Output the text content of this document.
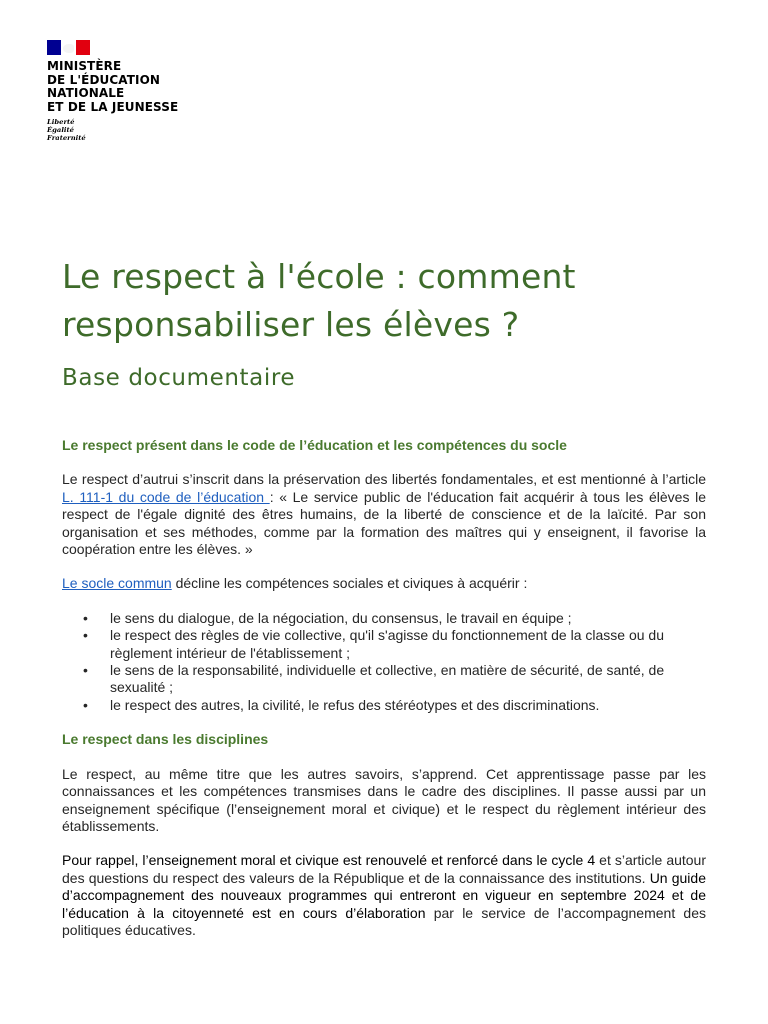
MINISTÈRE
DE L'ÉDUCATION
NATIONALE
ET DE LA JEUNESSE
Liberté
Égalité
Fraternité
Le respect à l'école : comment responsabiliser les élèves ?
Base documentaire

Le respect présent dans le code de l’éducation et les compétences du socle

Le respect d’autrui s’inscrit dans la préservation des libertés fondamentales, et est mentionné à l’article L. 111-1 du code de l’éducation : « Le service public de l'éducation fait acquérir à tous les élèves le respect de l'égale dignité des êtres humains, de la liberté de conscience et de la laïcité. Par son organisation et ses méthodes, comme par la formation des maîtres qui y enseignent, il favorise la coopération entre les élèves. »

Le socle commun décline les compétences sociales et civiques à acquérir :

• le sens du dialogue, de la négociation, du consensus, le travail en équipe ;
• le respect des règles de vie collective, qu'il s'agisse du fonctionnement de la classe ou du règlement intérieur de l'établissement ;
• le sens de la responsabilité, individuelle et collective, en matière de sécurité, de santé, de sexualité ;
• le respect des autres, la civilité, le refus des stéréotypes et des discriminations.

Le respect dans les disciplines

Le respect, au même titre que les autres savoirs, s’apprend. Cet apprentissage passe par les connaissances et les compétences transmises dans le cadre des disciplines. Il passe aussi par un enseignement spécifique (l’enseignement moral et civique) et le respect du règlement intérieur des établissements.

Pour rappel, l’enseignement moral et civique est renouvelé et renforcé dans le cycle 4 et s’article autour des questions du respect des valeurs de la République et de la connaissance des institutions. Un guide d’accompagnement des nouveaux programmes qui entreront en vigueur en septembre 2024 et de l’éducation à la citoyenneté est en cours d’élaboration par le service de l’accompagnement des politiques éducatives.
